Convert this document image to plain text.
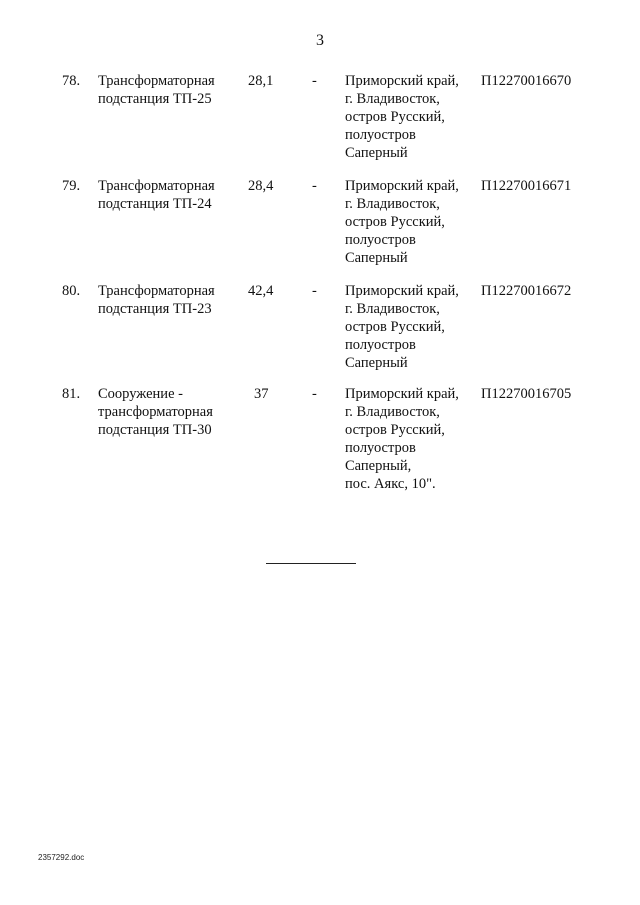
3
78. Трансформаторная
подстанция ТП-25
28,1	- Приморский край,
г. Владивосток,
остров Русский,
полуостров
Саперный
П12270016670
79. Трансформаторная
подстанция ТП-24
28,4	- Приморский край,
г. Владивосток,
остров Русский,
полуостров
Саперный
П12270016671
80. Трансформаторная
подстанция ТП-23
42,4	- Приморский край,
г. Владивосток,
остров Русский,
полуостров
Саперный
П12270016672
81. Сооружение -
трансформаторная
подстанция ТП-30
37	- Приморский край,
г. Владивосток,
остров Русский,
полуостров
Саперный,
пос. Аякс, 10".
П12270016705
2357292.doc
